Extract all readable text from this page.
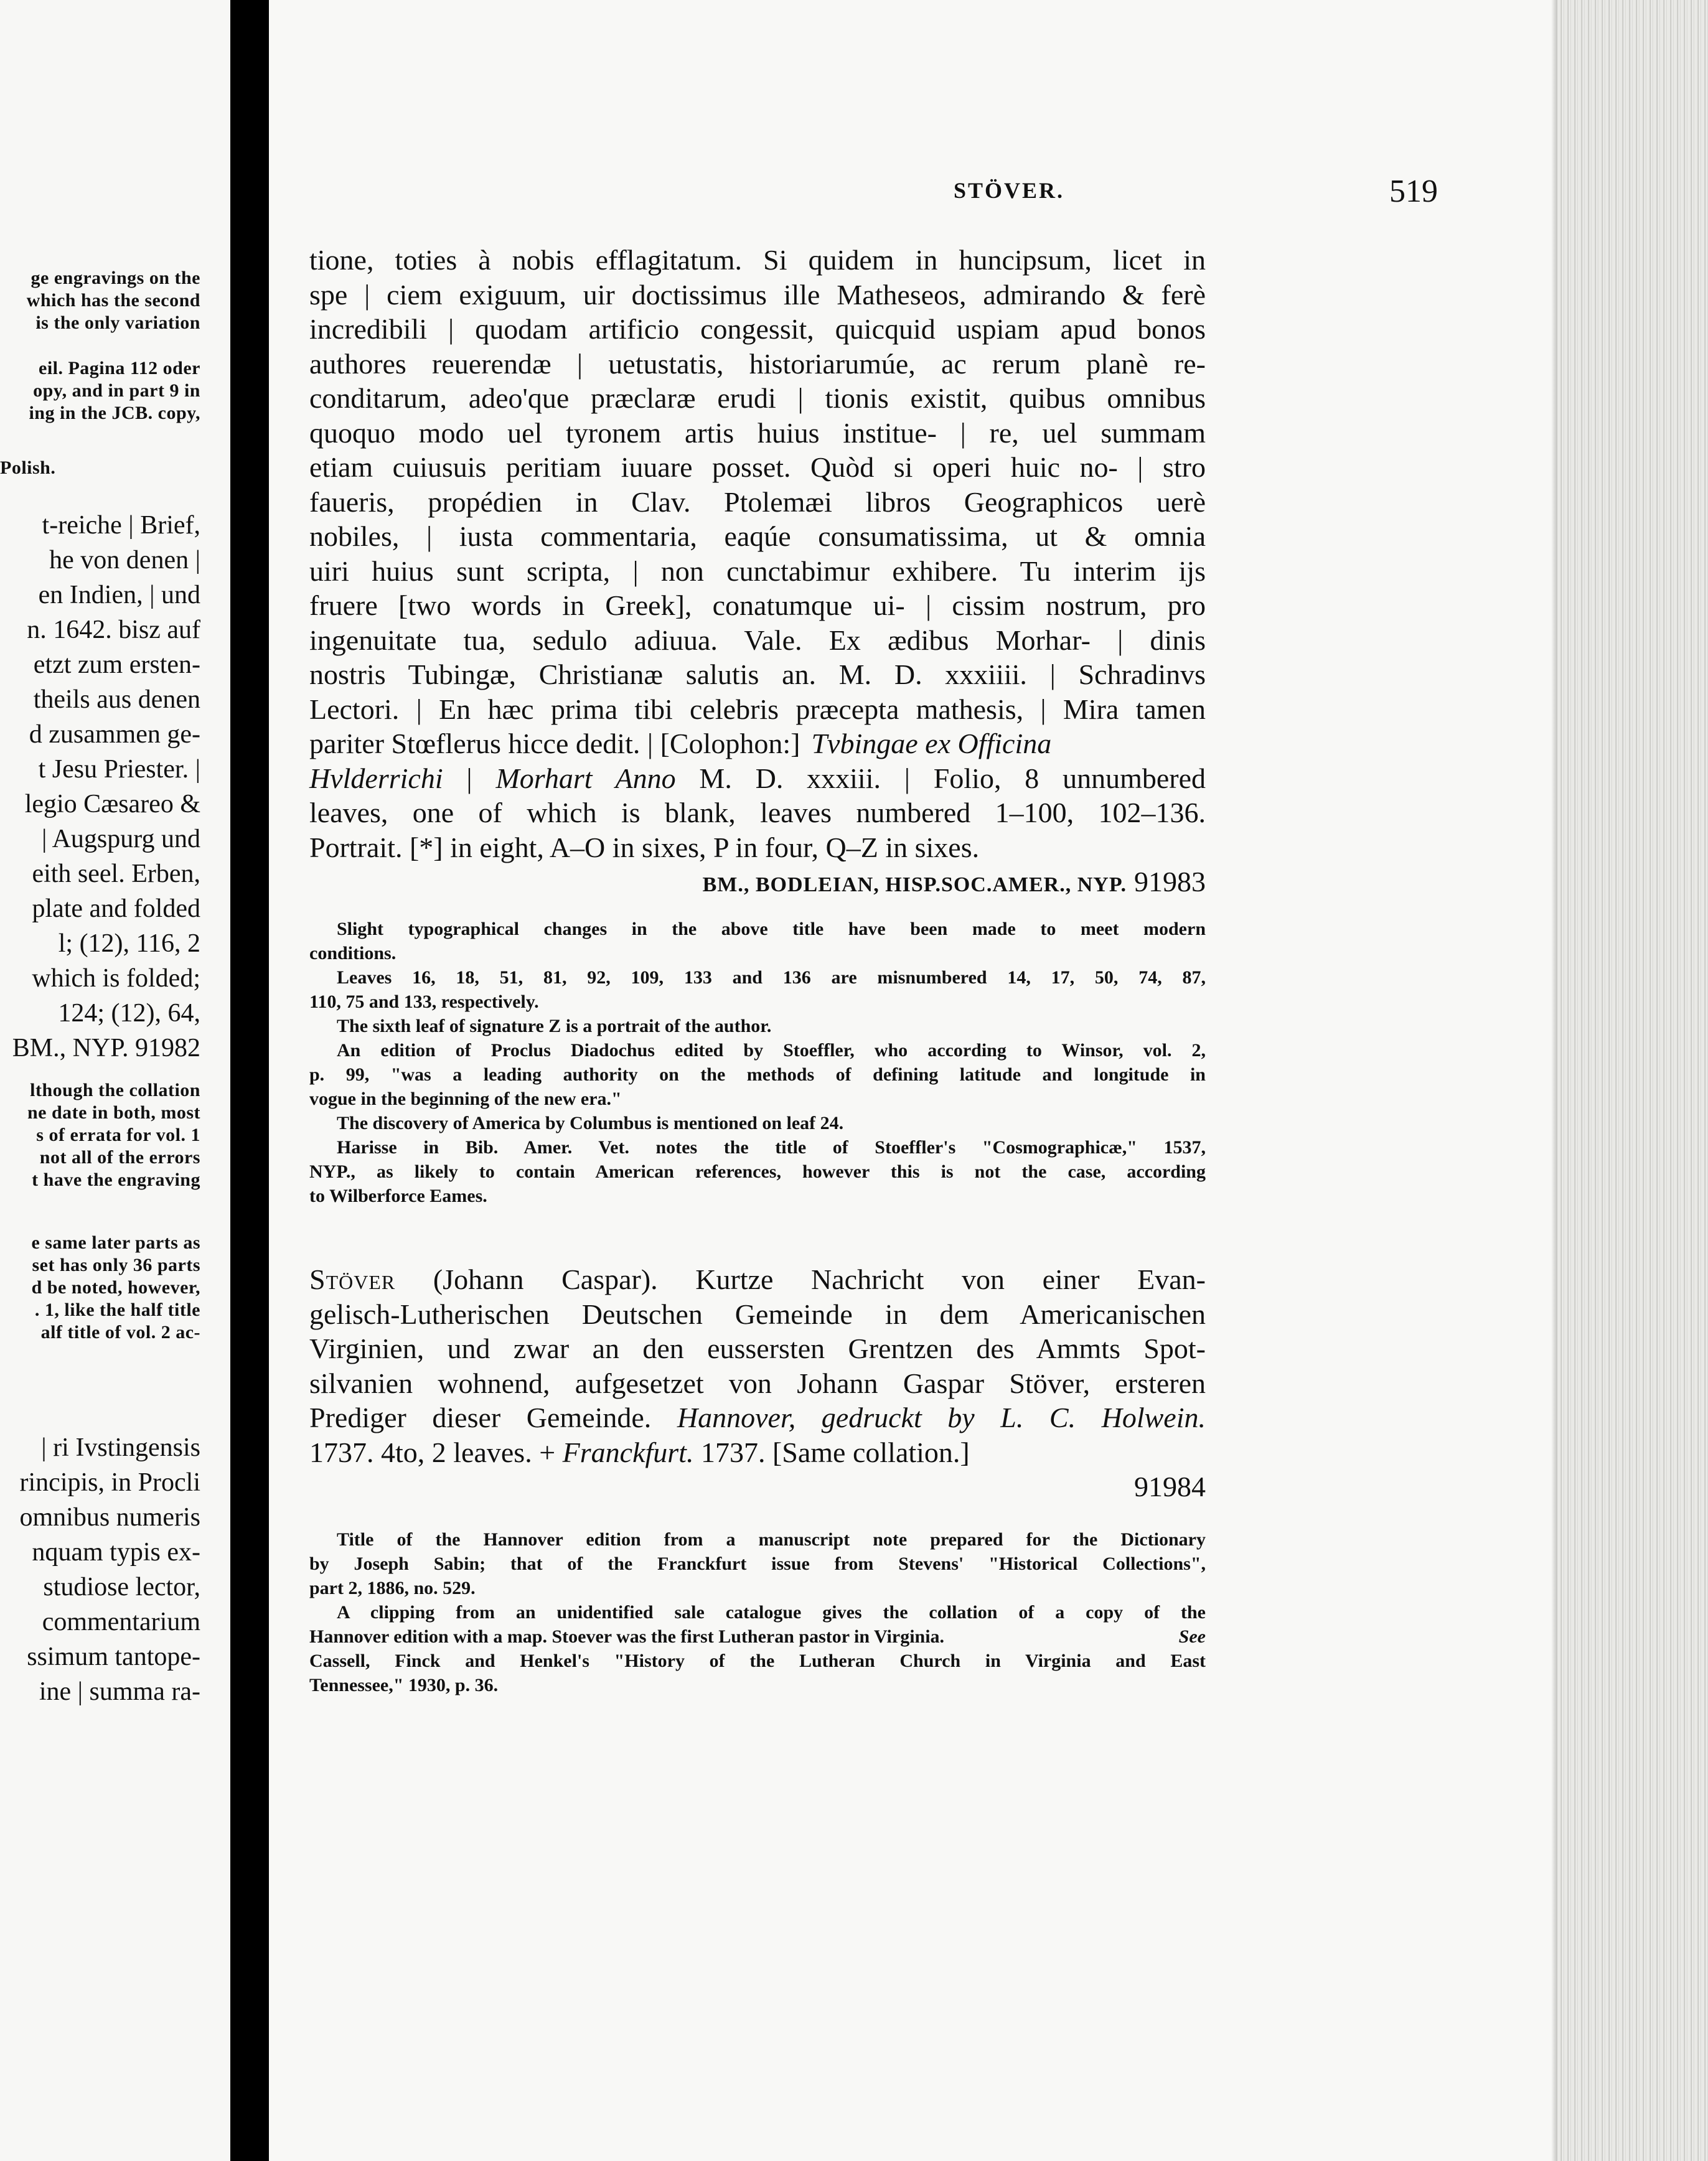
ge engravings on the
which has the second
is the only variation
eil. Pagina 112 oder
opy, and in part 9 in
ing in the JCB. copy,
t-reiche | Brief,
he von denen |
en Indien, | und
n. 1642. bisz auf
etzt zum ersten-
theils aus denen
d zusammen ge-
t Jesu Priester. |
legio Cæsareo &
| Augspurg und
eith seel. Erben,
plate and folded
l; (12), 116, 2
which is folded;
124; (12), 64,
BM., NYP. 91982
lthough the collation
ne date in both, most
s of errata for vol. 1
not all of the errors
t have the engraving
e same later parts as
set has only 36 parts
d be noted, however,
. 1, like the half title
alf title of vol. 2 ac-
| ri Ivstingensis
rincipis, in Procli
omnibus numeris
nquam typis ex-
studiose lector,
commentarium
ssimum tantope-
ine | summa ra-
Polish.
STÖVER.	519
tione, toties à nobis efflagitatum. Si quidem in huncipsum, licet in
spe | ciem exiguum, uir doctissimus ille Matheseos, admirando & ferè
incredibili | quodam artificio congessit, quicquid uspiam apud bonos
authores reuerendæ | uetustatis, historiarumúe, ac rerum planè re-
conditarum, adeo'que præclaræ erudi | tionis existit, quibus omnibus
quoquo modo uel tyronem artis huius institue- | re, uel summam
etiam cuiusuis peritiam iuuare posset. Quòd si operi huic no- | stro
faueris, propédien in Clav. Ptolemæi libros Geographicos uerè
nobiles, | iusta commentaria, eaqúe consumatissima, ut & omnia
uiri huius sunt scripta, | non cunctabimur exhibere. Tu interim ijs
fruere [two words in Greek], conatumque ui- | cissim nostrum, pro
ingenuitate tua, sedulo adiuua. Vale. Ex ædibus Morhar- | dinis
nostris Tubingæ, Christianæ salutis an. M. D. xxxiiii. | Schradinvs
Lectori. | En hæc prima tibi celebris præcepta mathesis, | Mira tamen
pariter Stœflerus hicce dedit. | [Colophon:] Tvbingae ex Officina
Hvlderrichi | Morhart Anno M. D. xxxiii. | Folio, 8 unnumbered
leaves, one of which is blank, leaves numbered 1–100, 102–136.
Portrait. [*] in eight, A–O in sixes, P in four, Q–Z in sixes.
BM., BODLEIAN, HISP.SOC.AMER., NYP. 91983

Slight typographical changes in the above title have been made to meet modern
conditions.

Leaves 16, 18, 51, 81, 92, 109, 133 and 136 are misnumbered 14, 17, 50, 74, 87,
110, 75 and 133, respectively.

The sixth leaf of signature Z is a portrait of the author.

An edition of Proclus Diadochus edited by Stoeffler, who according to Winsor, vol. 2,
p. 99, "was a leading authority on the methods of defining latitude and longitude in
vogue in the beginning of the new era."

The discovery of America by Columbus is mentioned on leaf 24.

Harisse in Bib. Amer. Vet. notes the title of Stoeffler's "Cosmographicæ," 1537,
NYP., as likely to contain American references, however this is not the case, according
to Wilberforce Eames.

Stöver (Johann Caspar). Kurtze Nachricht von einer Evan-
gelisch-Lutherischen Deutschen Gemeinde in dem Americanischen
Virginien, und zwar an den eussersten Grentzen des Ammts Spot-
silvanien wohnend, aufgesetzet von Johann Gaspar Stöver, ersteren
Prediger dieser Gemeinde. Hannover, gedruckt by L. C. Holwein.
1737. 4to, 2 leaves. + Franckfurt. 1737. [Same collation.]
91984

Title of the Hannover edition from a manuscript note prepared for the Dictionary
by Joseph Sabin; that of the Franckfurt issue from Stevens' "Historical Collections",
part 2, 1886, no. 529.

A clipping from an unidentified sale catalogue gives the collation of a copy of the
Hannover edition with a map. Stoever was the first Lutheran pastor in Virginia.
Cassell, Finck and Henkel's "History of the Lutheran Church in Virginia and East
Tennessee," 1930, p. 36.

See
